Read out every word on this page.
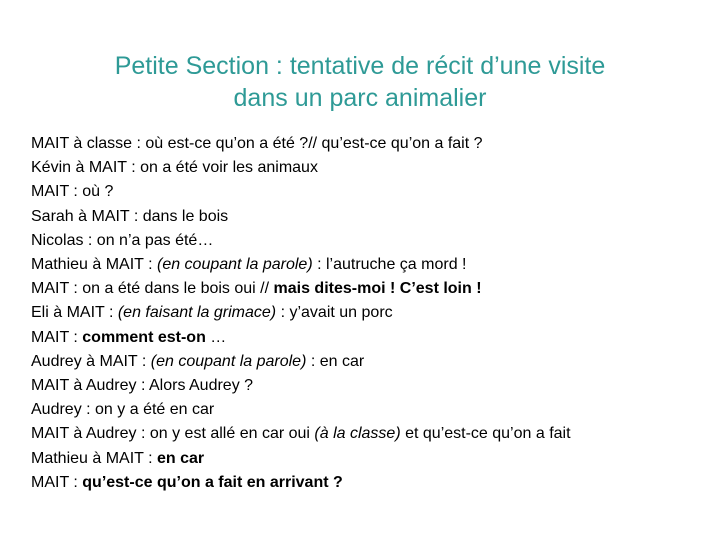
Petite Section : tentative de récit d’une visite
dans un parc animalier
MAIT à classe : où est-ce qu’on a été ?// qu’est-ce qu’on a fait ?
Kévin à MAIT : on a été voir les animaux
MAIT : où ?
Sarah à MAIT : dans le bois
Nicolas : on n’a pas été…
Mathieu à MAIT : (en coupant la parole) : l’autruche ça mord !
MAIT : on a été dans le bois oui // mais dites-moi ! C’est loin !
Eli à MAIT : (en faisant la grimace) : y’avait un porc
MAIT : comment est-on …
Audrey à MAIT : (en coupant la parole) : en car
MAIT à Audrey : Alors Audrey ?
Audrey : on y a été en car
MAIT à Audrey : on y est allé en car oui (à la classe) et qu’est-ce qu’on a fait
Mathieu à MAIT : en car
MAIT : qu’est-ce qu’on a fait en arrivant ?
